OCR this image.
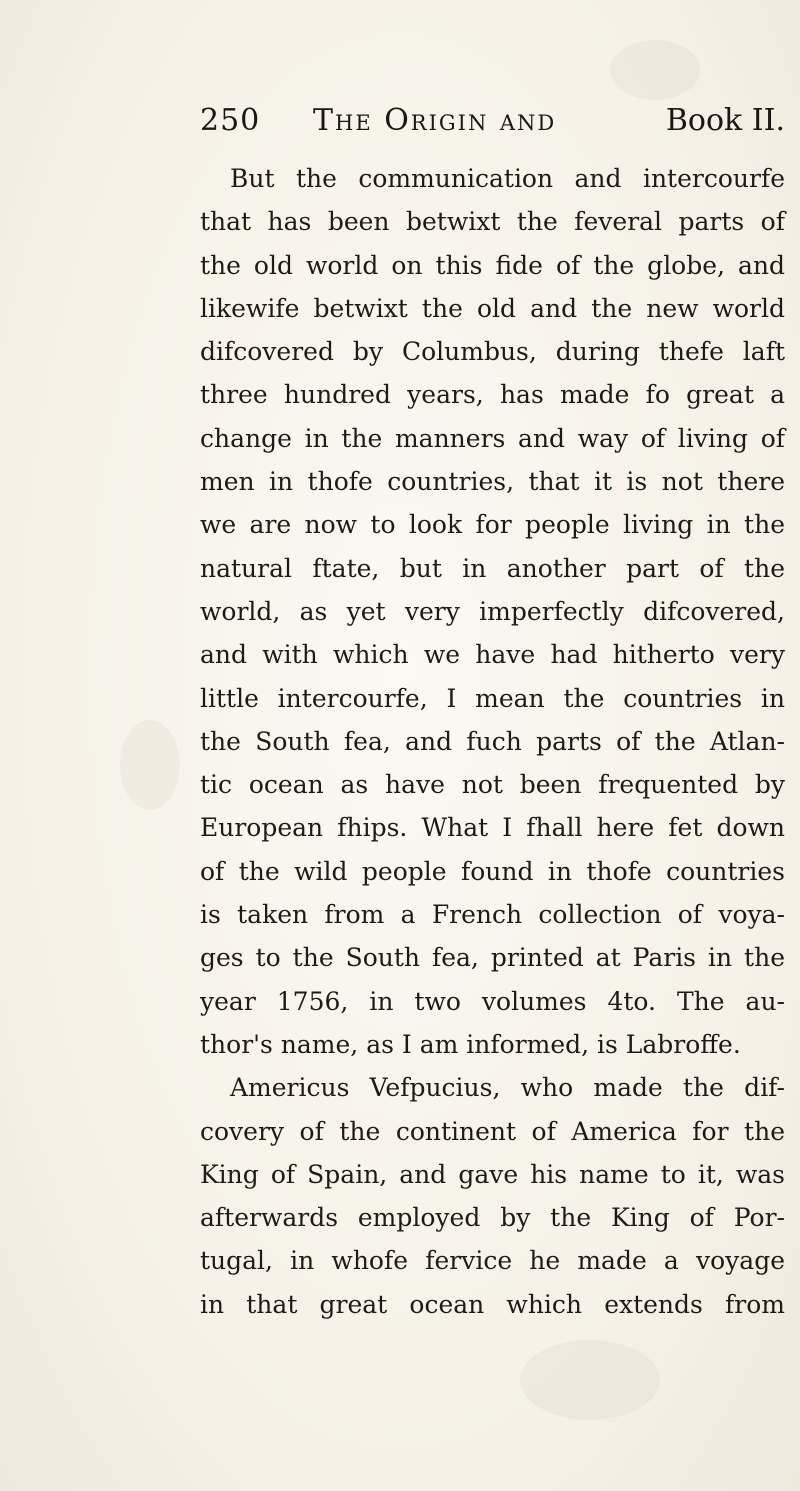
250 The Origin and	Book II.
But the communication and intercourfe
that has been betwixt the feveral parts of
the old world on this fide of the globe, and
likewife betwixt the old and the new world
difcovered by Columbus, during thefe laft
three hundred years, has made fo great a
change in the manners and way of living of
men in thofe countries, that it is not there
we are now to look for people living in the
natural ftate, but in another part of the
world, as yet very imperfectly difcovered,
and with which we have had hitherto very
little intercourfe, I mean the countries in
the South fea, and fuch parts of the Atlan-
tic ocean as have not been frequented by
European fhips. What I fhall here fet down
of the wild people found in thofe countries
is taken from a French collection of voya-
ges to the South fea, printed at Paris in the
year 1756, in two volumes 4to. The au-
thor's name, as I am informed, is Labroffe.
Americus Vefpucius, who made the dif-
covery of the continent of America for the
King of Spain, and gave his name to it, was
afterwards employed by the King of Por-
tugal, in whofe fervice he made a voyage
in that great ocean which extends from
